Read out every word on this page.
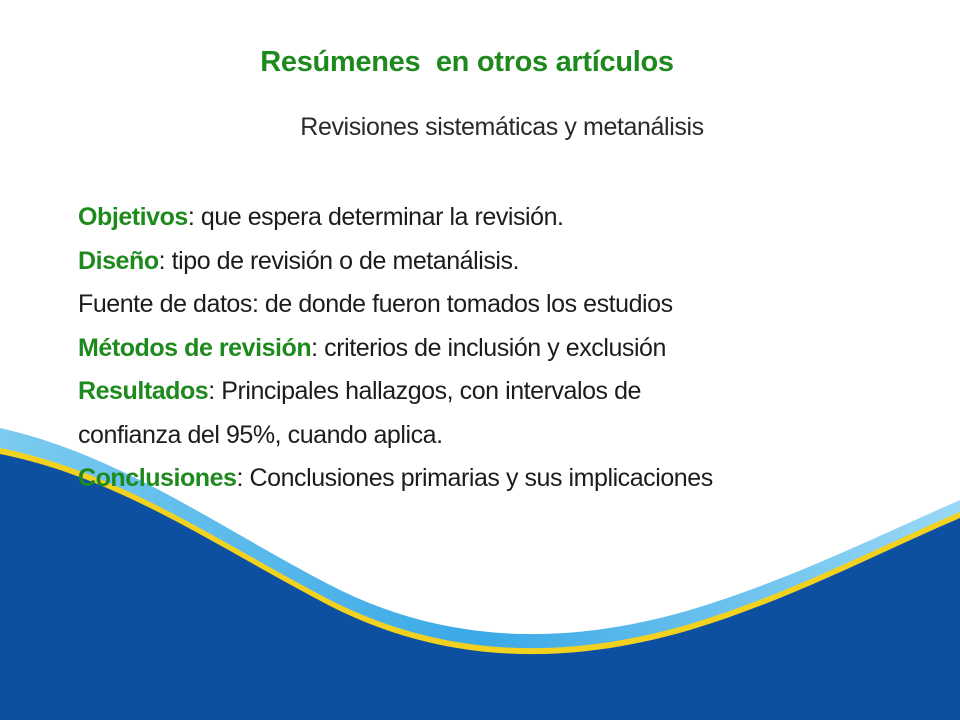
Resúmenes  en otros artículos
Revisiones sistemáticas y metanálisis
Objetivos: que espera determinar la revisión.
Diseño: tipo de revisión o de metanálisis.
Fuente de datos: de donde fueron tomados los estudios
Métodos de revisión: criterios de inclusión y exclusión
Resultados: Principales hallazgos, con intervalos de
confianza del 95%, cuando aplica.
Conclusiones: Conclusiones primarias y sus implicaciones
